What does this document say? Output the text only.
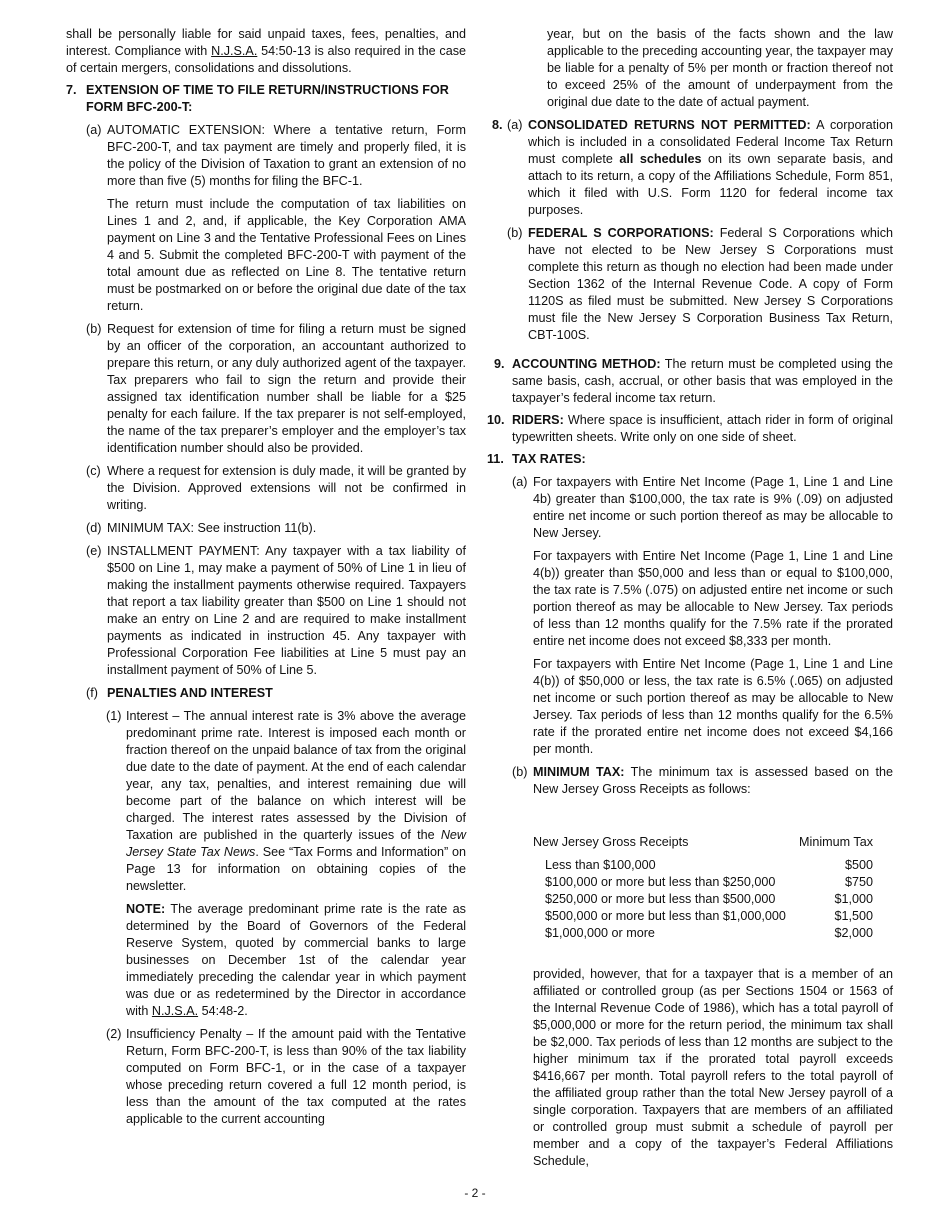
shall be personally liable for said unpaid taxes, fees, penalties, and interest. Compliance with N.J.S.A. 54:50-13 is also required in the case of certain mergers, consolidations and dissolutions.

7. EXTENSION OF TIME TO FILE RETURN/INSTRUCTIONS FOR FORM BFC-200-T:
(a) AUTOMATIC EXTENSION: Where a tentative return, Form BFC-200-T, and tax payment are timely and properly filed, it is the policy of the Division of Taxation to grant an extension of no more than five (5) months for filing the BFC-1.

The return must include the computation of tax liabilities on Lines 1 and 2, and, if applicable, the Key Corporation AMA payment on Line 3 and the Tentative Professional Fees on Lines 4 and 5. Submit the completed BFC-200-T with payment of the total amount due as reflected on Line 8. The tentative return must be postmarked on or before the original due date of the tax return.

(b) Request for extension of time for filing a return must be signed by an officer of the corporation, an accountant authorized to prepare this return, or any duly authorized agent of the taxpayer. Tax preparers who fail to sign the return and provide their assigned tax identification number shall be liable for a $25 penalty for each failure. If the tax preparer is not self-employed, the name of the tax preparer’s employer and the employer’s tax identification number should also be provided.

(c) Where a request for extension is duly made, it will be granted by the Division. Approved extensions will not be confirmed in writing.

(d) MINIMUM TAX: See instruction 11(b).

(e) INSTALLMENT PAYMENT: Any taxpayer with a tax liability of $500 on Line 1, may make a payment of 50% of Line 1 in lieu of making the installment payments otherwise required. Taxpayers that report a tax liability greater than $500 on Line 1 should not make an entry on Line 2 and are required to make installment payments as indicated in instruction 45. Any taxpayer with Professional Corporation Fee liabilities at Line 5 must pay an installment payment of 50% of Line 5.

(f) PENALTIES AND INTEREST

(1) Interest – The annual interest rate is 3% above the average predominant prime rate. Interest is imposed each month or fraction thereof on the unpaid balance of tax from the original due date to the date of payment. At the end of each calendar year, any tax, penalties, and interest remaining due will become part of the balance on which interest will be charged. The interest rates assessed by the Division of Taxation are published in the quarterly issues of the New Jersey State Tax News. See “Tax Forms and Information” on Page 13 for information on obtaining copies of the newsletter.

NOTE: The average predominant prime rate is the rate as determined by the Board of Governors of the Federal Reserve System, quoted by commercial banks to large businesses on December 1st of the calendar year immediately preceding the calendar year in which payment was due or as redetermined by the Director in accordance with N.J.S.A. 54:48-2.

(2) Insufficiency Penalty – If the amount paid with the Tentative Return, Form BFC-200-T, is less than 90% of the tax liability computed on Form BFC-1, or in the case of a taxpayer whose preceding return covered a full 12 month period, is less than the amount of the tax computed at the rates applicable to the current accounting

year, but on the basis of the facts shown and the law applicable to the preceding accounting year, the taxpayer may be liable for a penalty of 5% per month or fraction thereof not to exceed 25% of the amount of underpayment from the original due date to the date of actual payment.

8. (a) CONSOLIDATED RETURNS NOT PERMITTED: A corporation which is included in a consolidated Federal Income Tax Return must complete all schedules on its own separate basis, and attach to its return, a copy of the Affiliations Schedule, Form 851, which it filed with U.S. Form 1120 for federal income tax purposes.

(b) FEDERAL S CORPORATIONS: Federal S Corporations which have not elected to be New Jersey S Corporations must complete this return as though no election had been made under Section 1362 of the Internal Revenue Code. A copy of Form 1120S as filed must be submitted. New Jersey S Corporations must file the New Jersey S Corporation Business Tax Return, CBT-100S.

9. ACCOUNTING METHOD: The return must be completed using the same basis, cash, accrual, or other basis that was employed in the taxpayer’s federal income tax return.

10. RIDERS: Where space is insufficient, attach rider in form of original typewritten sheets. Write only on one side of sheet.

11. TAX RATES:

(a) For taxpayers with Entire Net Income (Page 1, Line 1 and Line 4b) greater than $100,000, the tax rate is 9% (.09) on adjusted entire net income or such portion thereof as may be allocable to New Jersey.

For taxpayers with Entire Net Income (Page 1, Line 1 and Line 4(b)) greater than $50,000 and less than or equal to $100,000, the tax rate is 7.5% (.075) on adjusted entire net income or such portion thereof as may be allocable to New Jersey. Tax periods of less than 12 months qualify for the 7.5% rate if the prorated entire net income does not exceed $8,333 per month.

For taxpayers with Entire Net Income (Page 1, Line 1 and Line 4(b)) of $50,000 or less, the tax rate is 6.5% (.065) on adjusted net income or such portion thereof as may be allocable to New Jersey. Tax periods of less than 12 months qualify for the 6.5% rate if the prorated entire net income does not exceed $4,166 per month.

(b) MINIMUM TAX: The minimum tax is assessed based on the New Jersey Gross Receipts as follows:

New Jersey Gross Receipts	Minimum Tax

Less than $100,000	$500
$100,000 or more but less than $250,000	$750
$250,000 or more but less than $500,000	$1,000
$500,000 or more but less than $1,000,000	$1,500
$1,000,000 or more	$2,000

provided, however, that for a taxpayer that is a member of an affiliated or controlled group (as per Sections 1504 or 1563 of the Internal Revenue Code of 1986), which has a total payroll of $5,000,000 or more for the return period, the minimum tax shall be $2,000. Tax periods of less than 12 months are subject to the higher minimum tax if the prorated total payroll exceeds $416,667 per month. Total payroll refers to the total payroll of the affiliated group rather than the total New Jersey payroll of a single corporation. Taxpayers that are members of an affiliated or controlled group must submit a schedule of payroll per member and a copy of the taxpayer’s Federal Affiliations Schedule,

- 2 -
